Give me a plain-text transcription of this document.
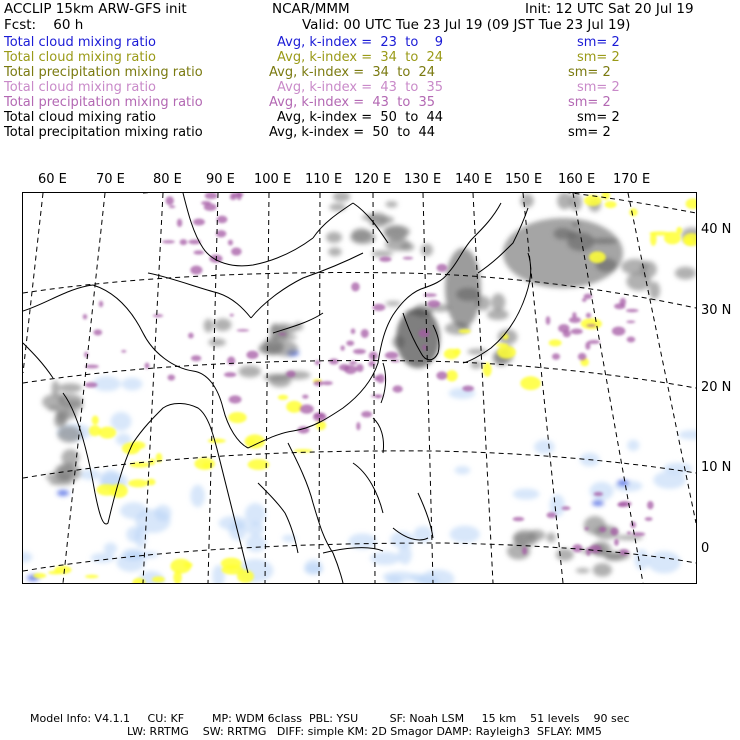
ACCLIP 15km ARW-GFS init	NCAR/MMM	Init: 12 UTC Sat 20 Jul 19
Fcst:    60 h	Valid: 00 UTC Tue 23 Jul 19 (09 JST Tue 23 Jul 19)
Total cloud mixing ratio	Avg, k-index =  23  to    9	sm= 2
Total cloud mixing ratio	Avg, k-index =  34  to  24	sm= 2
Total precipitation mixing ratio	Avg, k-index =  34  to  24	sm= 2
Total cloud mixing ratio	Avg, k-index =  43  to  35	sm= 2
Total precipitation mixing ratio	Avg, k-index =  43  to  35	sm= 2
Total cloud mixing ratio	Avg, k-index =  50  to  44	sm= 2
Total precipitation mixing ratio	Avg, k-index =  50  to  44	sm= 2
60 E 70 E 80 E 90 E 100 E 110 E 120 E 130 E 140 E 150 E 160 E 170 E
40 N
30 N
20 N
10 N
0
Model Info: V4.1.1     CU: KF        MP: WDM 6class  PBL: YSU         SF: Noah LSM     15 km    51 levels    90 sec
LW: RRTMG    SW: RRTMG   DIFF: simple KM: 2D Smagor DAMP: Rayleigh3  SFLAY: MM5
